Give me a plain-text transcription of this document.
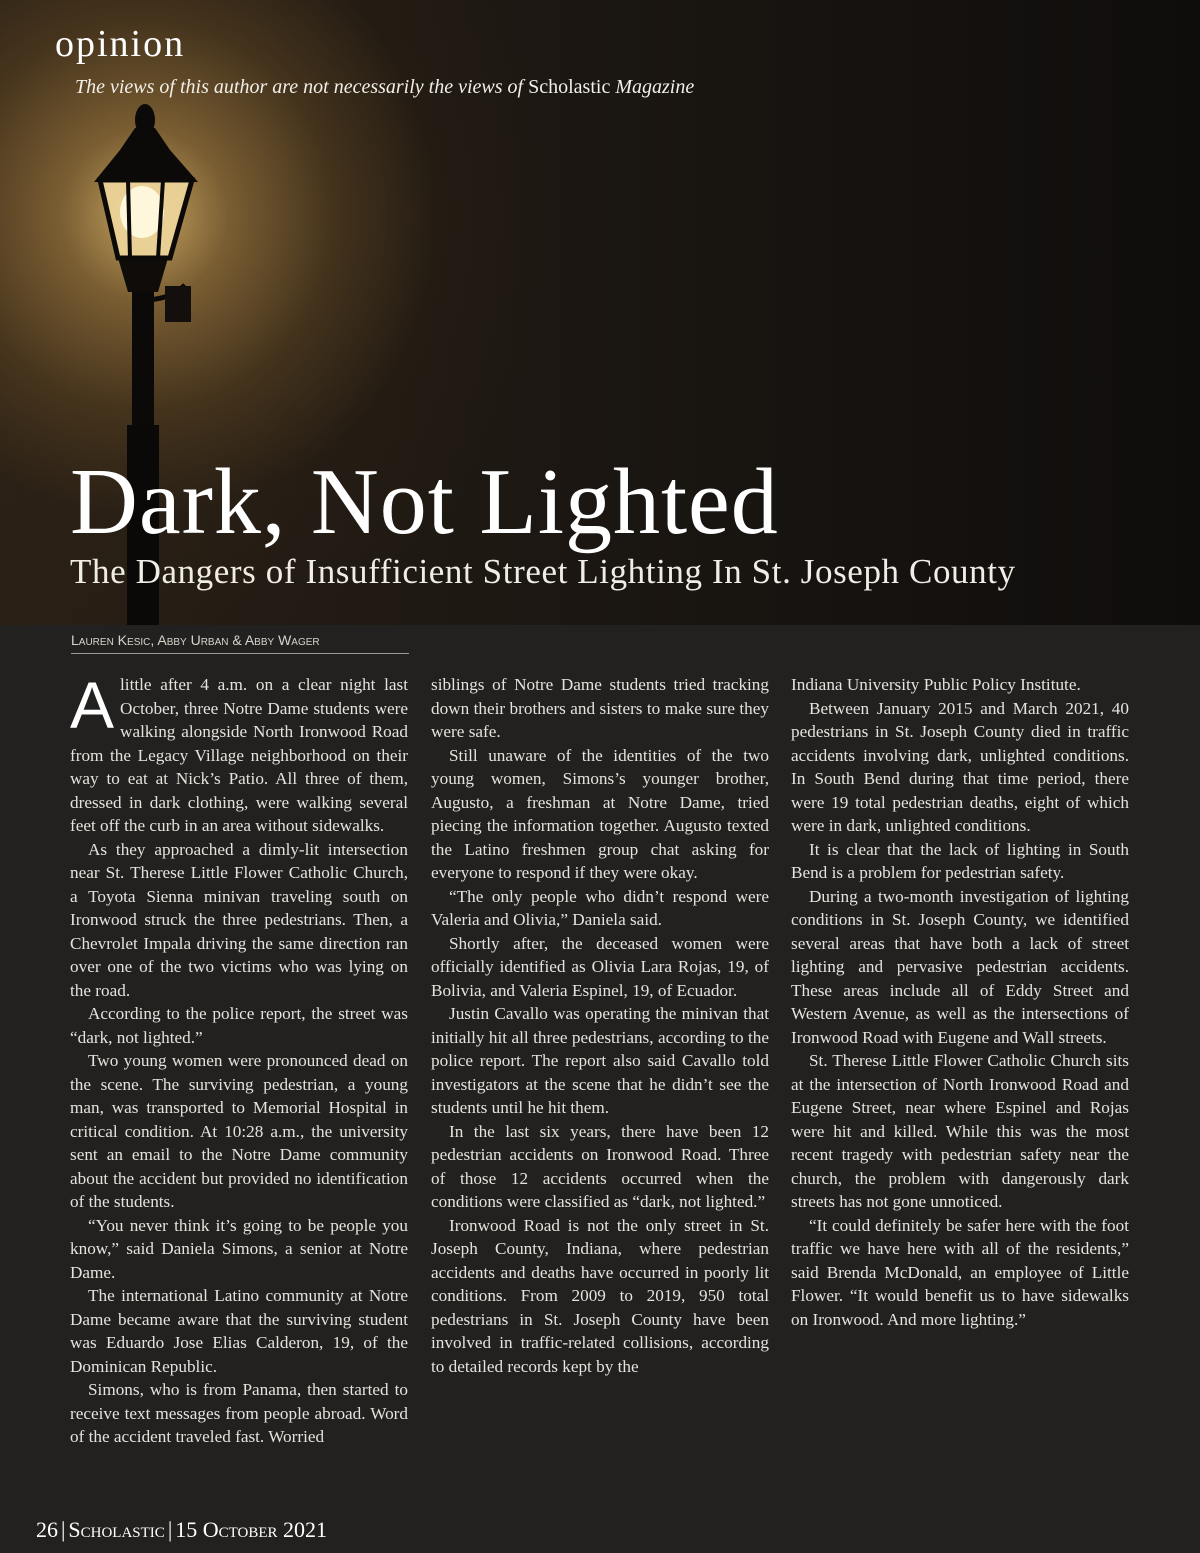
opinion
The views of this author are not necessarily the views of Scholastic Magazine
Dark, Not Lighted
The Dangers of Insufficient Street Lighting In St. Joseph County
Lauren Kesic, Abby Urban & Abby Wager

Alittle after 4 a.m. on a clear night last October, three Notre Dame students were walking alongside North Ironwood Road from the Legacy Village neighborhood on their way to eat at Nick’s Patio. All three of them, dressed in dark clothing, were walking several feet off the curb in an area without sidewalks.

As they approached a dimly-lit intersection near St. Therese Little Flower Catholic Church, a Toyota Sienna minivan traveling south on Ironwood struck the three pedestrians. Then, a Chevrolet Impala driving the same direction ran over one of the two victims who was lying on the road.

According to the police report, the street was “dark, not lighted.”

Two young women were pronounced dead on the scene. The surviving pedestrian, a young man, was transported to Memorial Hospital in critical condition. At 10:28 a.m., the university sent an email to the Notre Dame community about the accident but provided no identification of the students.

“You never think it’s going to be people you know,” said Daniela Simons, a senior at Notre Dame.

The international Latino community at Notre Dame became aware that the surviving student was Eduardo Jose Elias Calderon, 19, of the Dominican Republic.

Simons, who is from Panama, then started to receive text messages from people abroad. Word of the accident traveled fast. Worried

siblings of Notre Dame students tried tracking down their brothers and sisters to make sure they were safe.

Still unaware of the identities of the two young women, Simons’s younger brother, Augusto, a freshman at Notre Dame, tried piecing the information together. Augusto texted the Latino freshmen group chat asking for everyone to respond if they were okay.

“The only people who didn’t respond were Valeria and Olivia,” Daniela said.

Shortly after, the deceased women were officially identified as Olivia Lara Rojas, 19, of Bolivia, and Valeria Espinel, 19, of Ecuador.

Justin Cavallo was operating the minivan that initially hit all three pedestrians, according to the police report. The report also said Cavallo told investigators at the scene that he didn’t see the students until he hit them.

In the last six years, there have been 12 pedestrian accidents on Ironwood Road. Three of those 12 accidents occurred when the conditions were classified as “dark, not lighted.”

Ironwood Road is not the only street in St. Joseph County, Indiana, where pedestrian accidents and deaths have occurred in poorly lit conditions. From 2009 to 2019, 950 total pedestrians in St. Joseph County have been involved in traffic-related collisions, according to detailed records kept by the

Indiana University Public Policy Institute.

Between January 2015 and March 2021, 40 pedestrians in St. Joseph County died in traffic accidents involving dark, unlighted conditions. In South Bend during that time period, there were 19 total pedestrian deaths, eight of which were in dark, unlighted conditions.

It is clear that the lack of lighting in South Bend is a problem for pedestrian safety.

During a two-month investigation of lighting conditions in St. Joseph County, we identified several areas that have both a lack of street lighting and pervasive pedestrian accidents. These areas include all of Eddy Street and Western Avenue, as well as the intersections of Ironwood Road with Eugene and Wall streets.

St. Therese Little Flower Catholic Church sits at the intersection of North Ironwood Road and Eugene Street, near where Espinel and Rojas were hit and killed. While this was the most recent tragedy with pedestrian safety near the church, the problem with dangerously dark streets has not gone unnoticed.

“It could definitely be safer here with the foot traffic we have here with all of the residents,” said Brenda McDonald, an employee of Little Flower. “It would benefit us to have sidewalks on Ironwood. And more lighting.”

26 | Scholastic | 15 October 2021
